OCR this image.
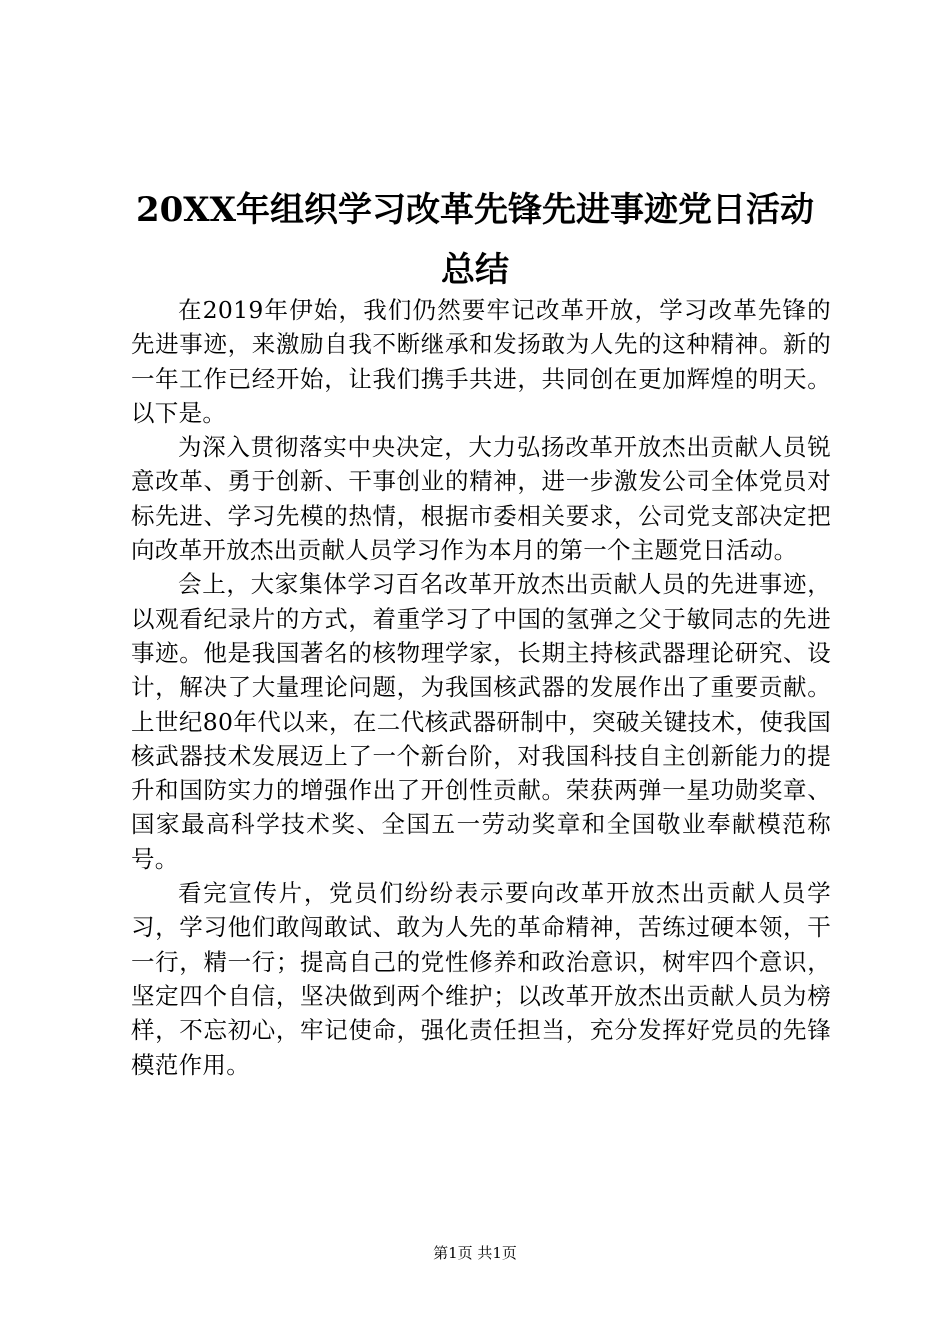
20XX年组织学习改革先锋先进事迹党日活动
总结

在2019年伊始，我们仍然要牢记改革开放，学习改革先锋的先进事迹，来激励自我不断继承和发扬敢为人先的这种精神。新的一年工作已经开始，让我们携手共进，共同创在更加辉煌的明天。以下是。

为深入贯彻落实中央决定，大力弘扬改革开放杰出贡献人员锐意改革、勇于创新、干事创业的精神，进一步激发公司全体党员对标先进、学习先模的热情，根据市委相关要求，公司党支部决定把向改革开放杰出贡献人员学习作为本月的第一个主题党日活动。

会上，大家集体学习百名改革开放杰出贡献人员的先进事迹，以观看纪录片的方式，着重学习了中国的氢弹之父于敏同志的先进事迹。他是我国著名的核物理学家，长期主持核武器理论研究、设计，解决了大量理论问题，为我国核武器的发展作出了重要贡献。上世纪80年代以来，在二代核武器研制中，突破关键技术，使我国核武器技术发展迈上了一个新台阶，对我国科技自主创新能力的提升和国防实力的增强作出了开创性贡献。荣获两弹一星功勋奖章、国家最高科学技术奖、全国五一劳动奖章和全国敬业奉献模范称号。

看完宣传片，党员们纷纷表示要向改革开放杰出贡献人员学习，学习他们敢闯敢试、敢为人先的革命精神，苦练过硬本领，干一行，精一行；提高自己的党性修养和政治意识，树牢四个意识，坚定四个自信，坚决做到两个维护；以改革开放杰出贡献人员为榜样，不忘初心，牢记使命，强化责任担当，充分发挥好党员的先锋模范作用。

第1页 共1页
